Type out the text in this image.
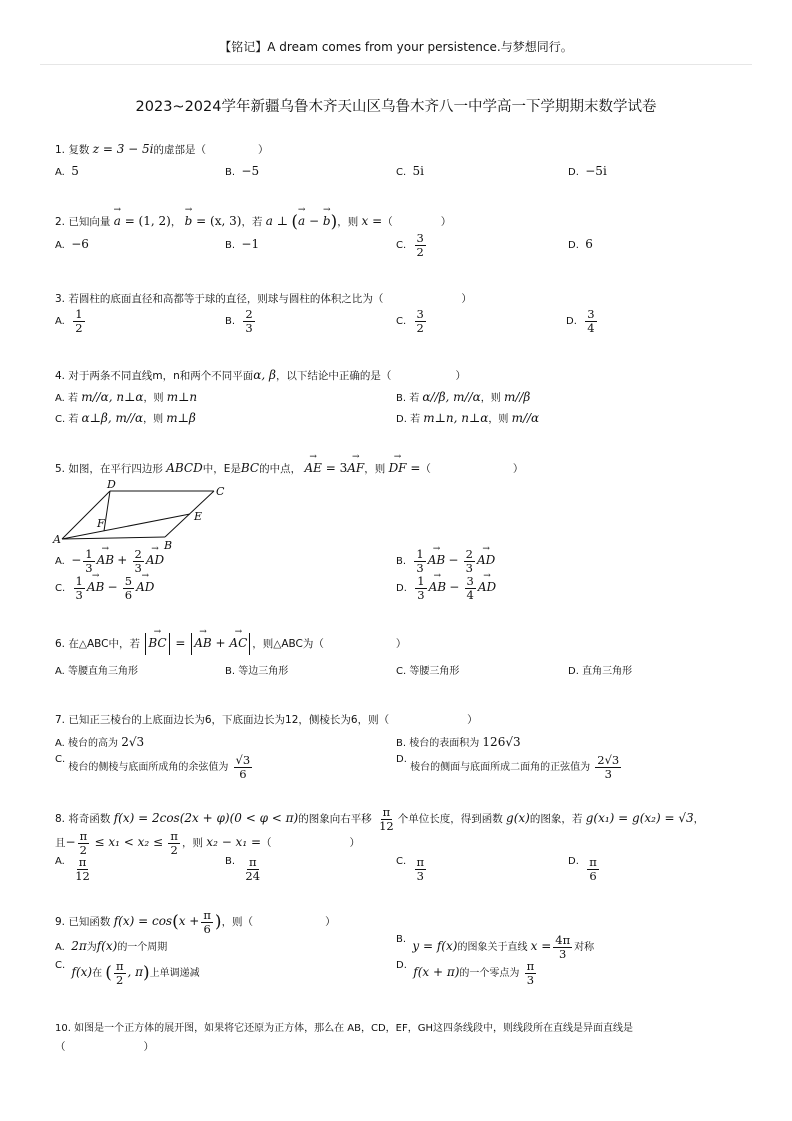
【铭记】A dream comes from your persistence.与梦想同行。
2023~2024学年新疆乌鲁木齐天山区乌鲁木齐八一中学高一下学期期末数学试卷
1. 复数 z = 3 − 5i的虚部是（	）
A. 5	B. −5	C. 5i	D. −5i
2. 已知向量 → a = (1, 2)， → b = (x, 3)，若 a ⊥ (→ a − → b)，则 x =（	）
A. −6	B. −1	C. $\frac{3}{2}$	D. 6
3. 若圆柱的底面直径和高都等于球的直径，则球与圆柱的体积之比为（	）
A. $\frac{1}{2}$	B. $\frac{2}{3}$	C. $\frac{3}{2}$	D. $\frac{3}{4}$
4. 对于两条不同直线m，n和两个不同平面α, β，以下结论中正确的是（	）
A. 若 m//α, n⊥α，则 m⊥n	B. 若 α//β, m//α，则 m//β
C. 若 α⊥β, m//α，则 m⊥β	D. 若 m⊥n, n⊥α，则 m//α
5. 如图，在平行四边形 ABCD中，E是BC的中点， → AE = 3→ AF，则 → DF =（	）
A	B
C
D
E
F
A. − $\frac{1}{3}$ → AB + $\frac{2}{3}$ → AD	B. $\frac{1}{3}$ → AB − $\frac{2}{3}$ → AD
C. $\frac{1}{3}$ → AB − $\frac{5}{6}$ → AD	D. $\frac{1}{3}$ → AB − $\frac{3}{4}$ → AD
6. 在△ABC中，若 → BC = → AB + → AC ，则△ABC为（	）
A. 等腰直角三角形	B. 等边三角形	C. 等腰三角形	D. 直角三角形
7. 已知正三棱台的上底面边长为6，下底面边长为12，侧棱长为6，则（	）
A. 棱台的高为 2√3	B. 棱台的表面积为 126√3
C. 棱台的侧棱与底面所成角的余弦值为 $\frac{√3}{6}$	D. 棱台的侧面与底面所成二面角的正弦值为 $\frac{2√3}{3}$
8. 将奇函数 f(x) = 2cos(2x + φ)(0 < φ < π)的图象向右平移 $\frac{\pi}{12}$ 个单位长度，得到函数 g(x)的图象，若 g(x₁) = g(x₂) = √3，
且− $\frac{\pi}{2} \le x_1 < x_2 \le \frac{\pi}{2}$ ，则 x₂ − x₁ =（	）
A. $\frac{\pi}{12}$	B. $\frac{\pi}{24}$	C. $\frac{\pi}{3}$	D. $\frac{\pi}{6}$
9. 已知函数 $f(x) = \cos(x + \frac{\pi}{6}$ )，则（	）
A. 2π为f(x)的一个周期
B. y = f(x)的图象关于直线 $x = \frac{4\pi}{3}$ 对称
C. f(x)在 ( $\frac{\pi}{2}$ , π)上单调递减
D. f(x + π)的一个零点为 $\frac{\pi}{3}$
10. 如图是一个正方体的展开图，如果将它还原为正方体，那么在 AB，CD，EF，GH这四条线段中，则线段所在直线是异面直线是
（	）
